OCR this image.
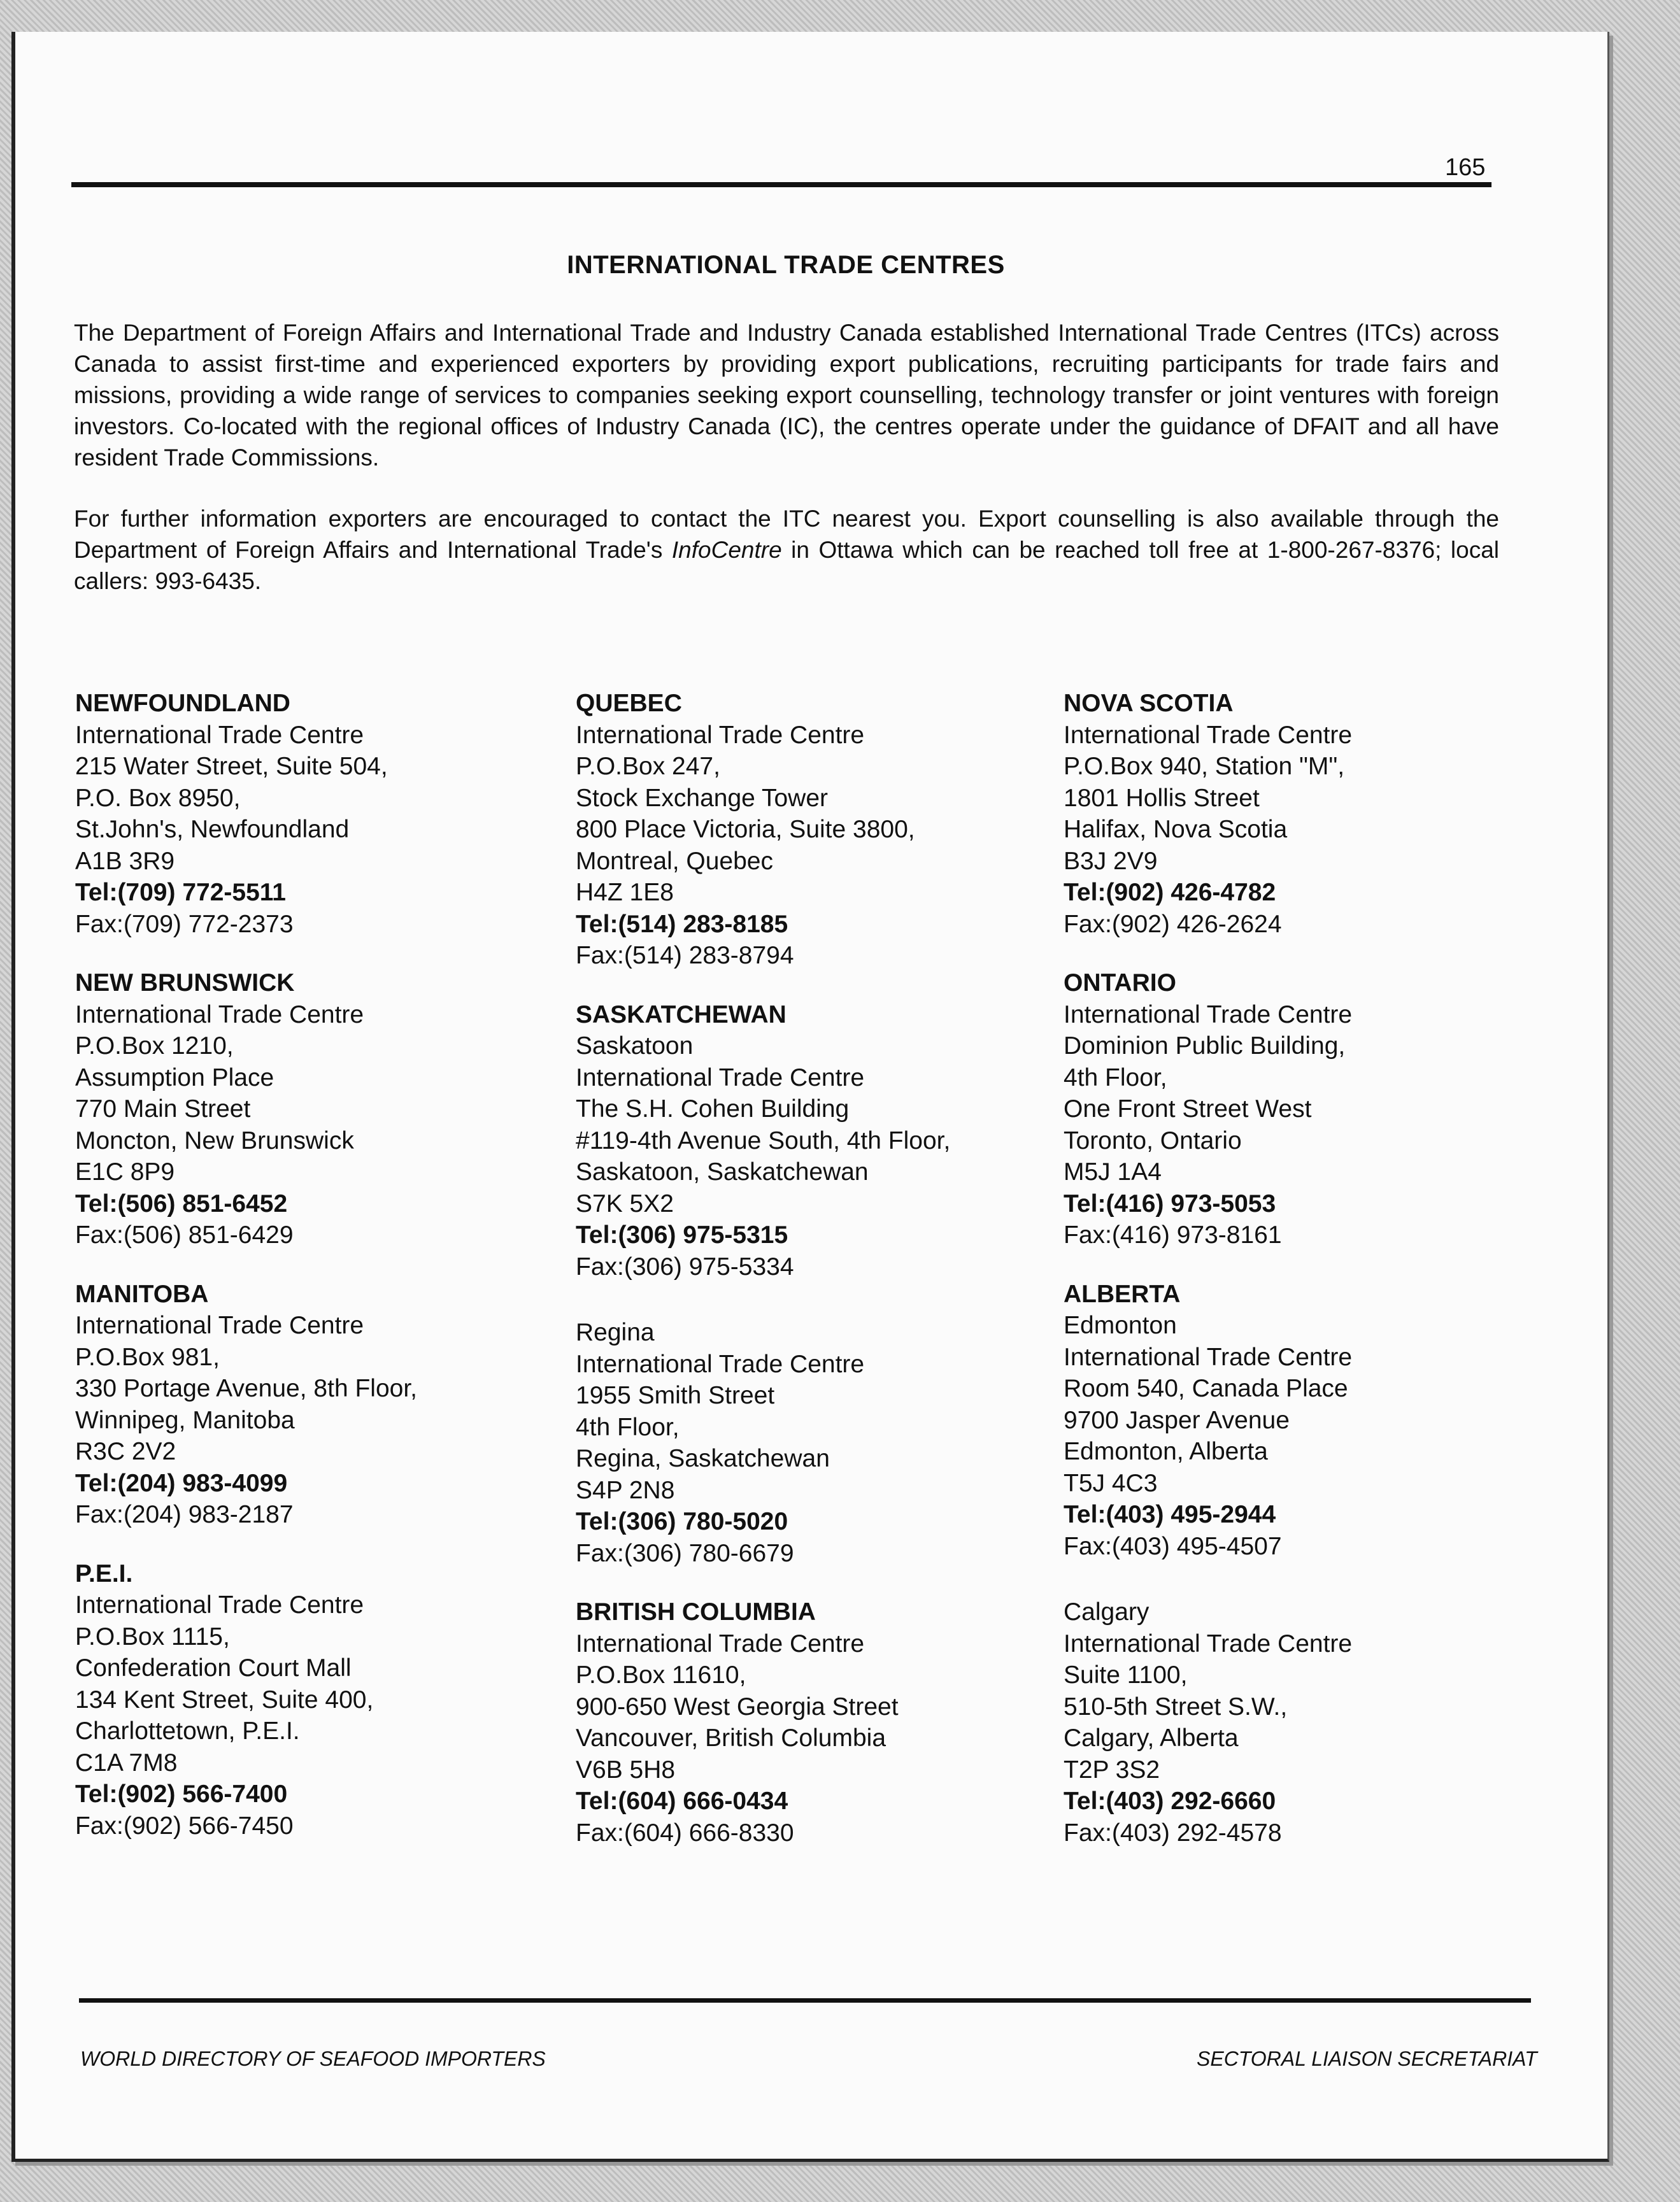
165
INTERNATIONAL TRADE CENTRES

The Department of Foreign Affairs and International Trade and Industry Canada established International Trade Centres (ITCs) across Canada to assist first-time and experienced exporters by providing export publications, recruiting participants for trade fairs and missions, providing a wide range of services to companies seeking export counselling, technology transfer or joint ventures with foreign investors. Co-located with the regional offices of Industry Canada (IC), the centres operate under the guidance of DFAIT and all have resident Trade Commissions.

For further information exporters are encouraged to contact the ITC nearest you. Export counselling is also available through the Department of Foreign Affairs and International Trade's InfoCentre in Ottawa which can be reached toll free at 1-800-267-8376; local callers: 993-6435.

NEWFOUNDLAND
International Trade Centre
215 Water Street, Suite 504,
P.O. Box 8950,
St.John's, Newfoundland
A1B 3R9
Tel:(709) 772-5511
Fax:(709) 772-2373
NEW BRUNSWICK
International Trade Centre
P.O.Box 1210,
Assumption Place
770 Main Street
Moncton, New Brunswick
E1C 8P9
Tel:(506) 851-6452
Fax:(506) 851-6429
MANITOBA
International Trade Centre
P.O.Box 981,
330 Portage Avenue, 8th Floor,
Winnipeg, Manitoba
R3C 2V2
Tel:(204) 983-4099
Fax:(204) 983-2187
P.E.I.
International Trade Centre
P.O.Box 1115,
Confederation Court Mall
134 Kent Street, Suite 400,
Charlottetown, P.E.I.
C1A 7M8
Tel:(902) 566-7400
Fax:(902) 566-7450
QUEBEC
International Trade Centre
P.O.Box 247,
Stock Exchange Tower
800 Place Victoria, Suite 3800,
Montreal, Quebec
H4Z 1E8
Tel:(514) 283-8185
Fax:(514) 283-8794
SASKATCHEWAN
Saskatoon
International Trade Centre
The S.H. Cohen Building
#119-4th Avenue South, 4th Floor,
Saskatoon, Saskatchewan
S7K 5X2
Tel:(306) 975-5315
Fax:(306) 975-5334
Regina
International Trade Centre
1955 Smith Street
4th Floor,
Regina, Saskatchewan
S4P 2N8
Tel:(306) 780-5020
Fax:(306) 780-6679
BRITISH COLUMBIA
International Trade Centre
P.O.Box 11610,
900-650 West Georgia Street
Vancouver, British Columbia
V6B 5H8
Tel:(604) 666-0434
Fax:(604) 666-8330
NOVA SCOTIA
International Trade Centre
P.O.Box 940, Station "M",
1801 Hollis Street
Halifax, Nova Scotia
B3J 2V9
Tel:(902) 426-4782
Fax:(902) 426-2624
ONTARIO
International Trade Centre
Dominion Public Building,
4th Floor,
One Front Street West
Toronto, Ontario
M5J 1A4
Tel:(416) 973-5053
Fax:(416) 973-8161
ALBERTA
Edmonton
International Trade Centre
Room 540, Canada Place
9700 Jasper Avenue
Edmonton, Alberta
T5J 4C3
Tel:(403) 495-2944
Fax:(403) 495-4507
Calgary
International Trade Centre
Suite 1100,
510-5th Street S.W.,
Calgary, Alberta
T2P 3S2
Tel:(403) 292-6660
Fax:(403) 292-4578
WORLD DIRECTORY OF SEAFOOD IMPORTERS	SECTORAL LIAISON SECRETARIAT
